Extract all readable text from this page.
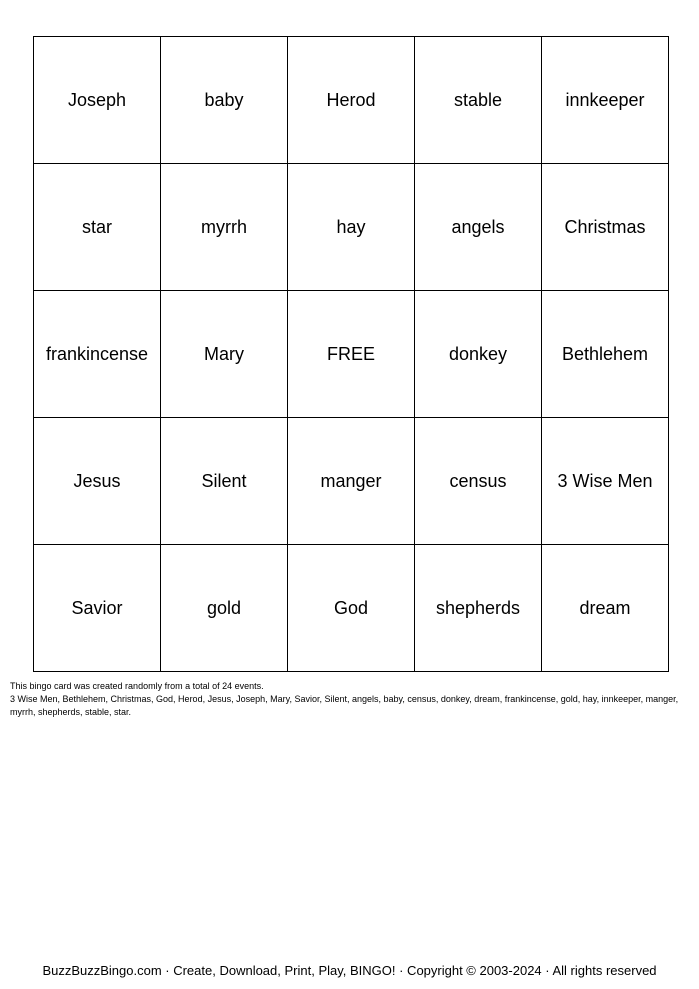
Joseph	baby	Herod	stable	innkeeper
star	myrrh	hay	angels	Christmas
frankincense	Mary	FREE	donkey	Bethlehem
Jesus	Silent	manger	census	3 Wise Men
Savior	gold	God	shepherds	dream

This bingo card was created randomly from a total of 24 events.

3 Wise Men, Bethlehem, Christmas, God, Herod, Jesus, Joseph, Mary, Savior, Silent, angels, baby, census, donkey, dream, frankincense, gold, hay, innkeeper, manger, myrrh, shepherds, stable, star.

BuzzBuzzBingo.com · Create, Download, Print, Play, BINGO! · Copyright © 2003-2024 · All rights reserved
